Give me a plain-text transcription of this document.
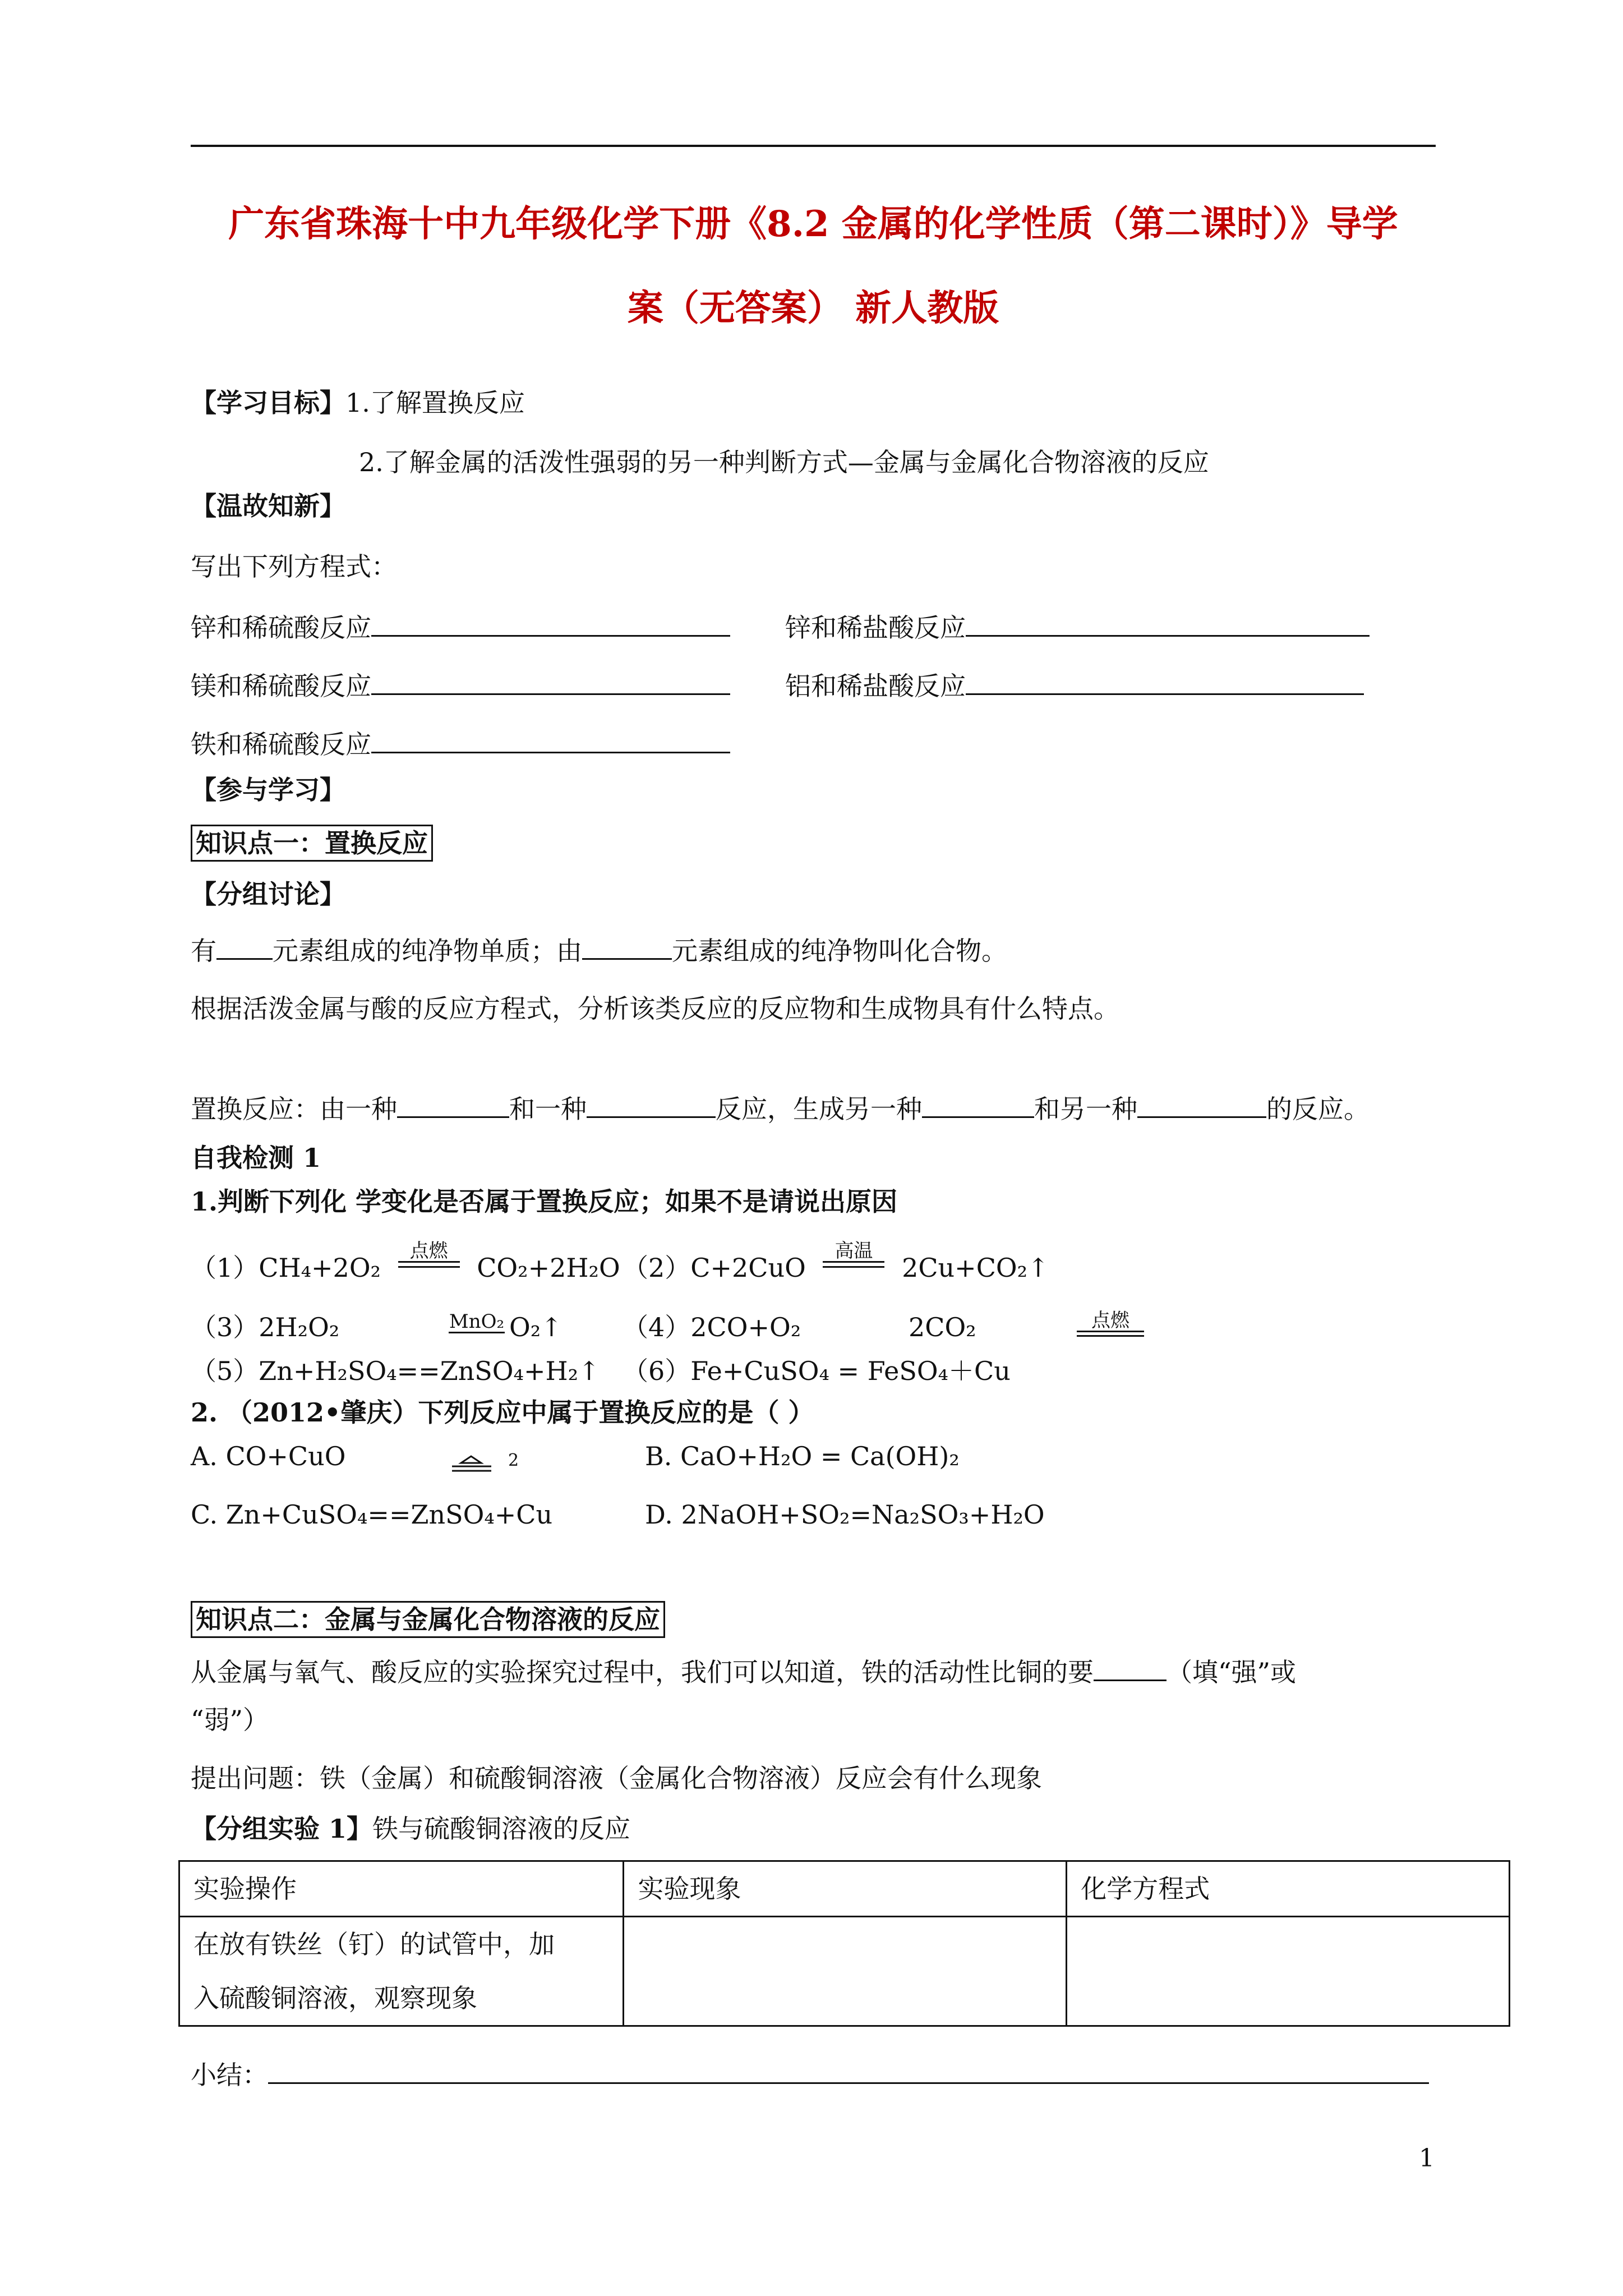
广东省珠海十中九年级化学下册《8.2 金属的化学性质（第二课时）》导学
案（无答案） 新人教版
【学习目标】1.了解置换反应
2.了解金属的活泼性强弱的另一种判断方式—金属与金属化合物溶液的反应
【温故知新】
写出下列方程式：
锌和稀硫酸反应	锌和稀盐酸反应
镁和稀硫酸反应	铝和稀盐酸反应
铁和稀硫酸反应
【参与学习】
知识点一：置换反应
【分组讨论】
有 元素组成的纯净物单质；由	元素组成的纯净物叫化合物。
根据活泼金属与酸的反应方程式，分析该类反应的反应物和生成物具有什么特点。
置换反应：由一种	和一种	反应，生成另一种	和另一种	的反应。
自我检测 1
1.判断下列化 学变化是否属于置换反应；如果不是请说出原因
（1）CH₄+2O₂
点燃
CO₂+2H₂O （2）C+2CuO
高温
2Cu+CO₂↑
（3）2H₂O₂	MnO₂ O₂↑ （4）2CO+O₂	2CO₂	点燃
（5）Zn+H₂SO₄==ZnSO₄+H₂↑ （6）Fe+CuSO₄ = FeSO₄＋Cu
2. （2012•肇庆）下列反应中属于置换反应的是（ ）
A. CO+CuO	2	B. CaO+H₂O = Ca(OH)₂
C. Zn+CuSO₄==ZnSO₄+Cu	D. 2NaOH+SO₂=Na₂SO₃+H₂O
知识点二：金属与金属化合物溶液的反应
从金属与氧气、酸反应的实验探究过程中，我们可以知道，铁的活动性比铜的要	（填“强”或
“弱”）
提出问题：铁（金属）和硫酸铜溶液（金属化合物溶液）反应会有什么现象
【分组实验 1】铁与硫酸铜溶液的反应
实验操作	实验现象	化学方程式

在放有铁丝（钉）的试管中，加
入硫酸铜溶液，观察现象		

小结：
1
